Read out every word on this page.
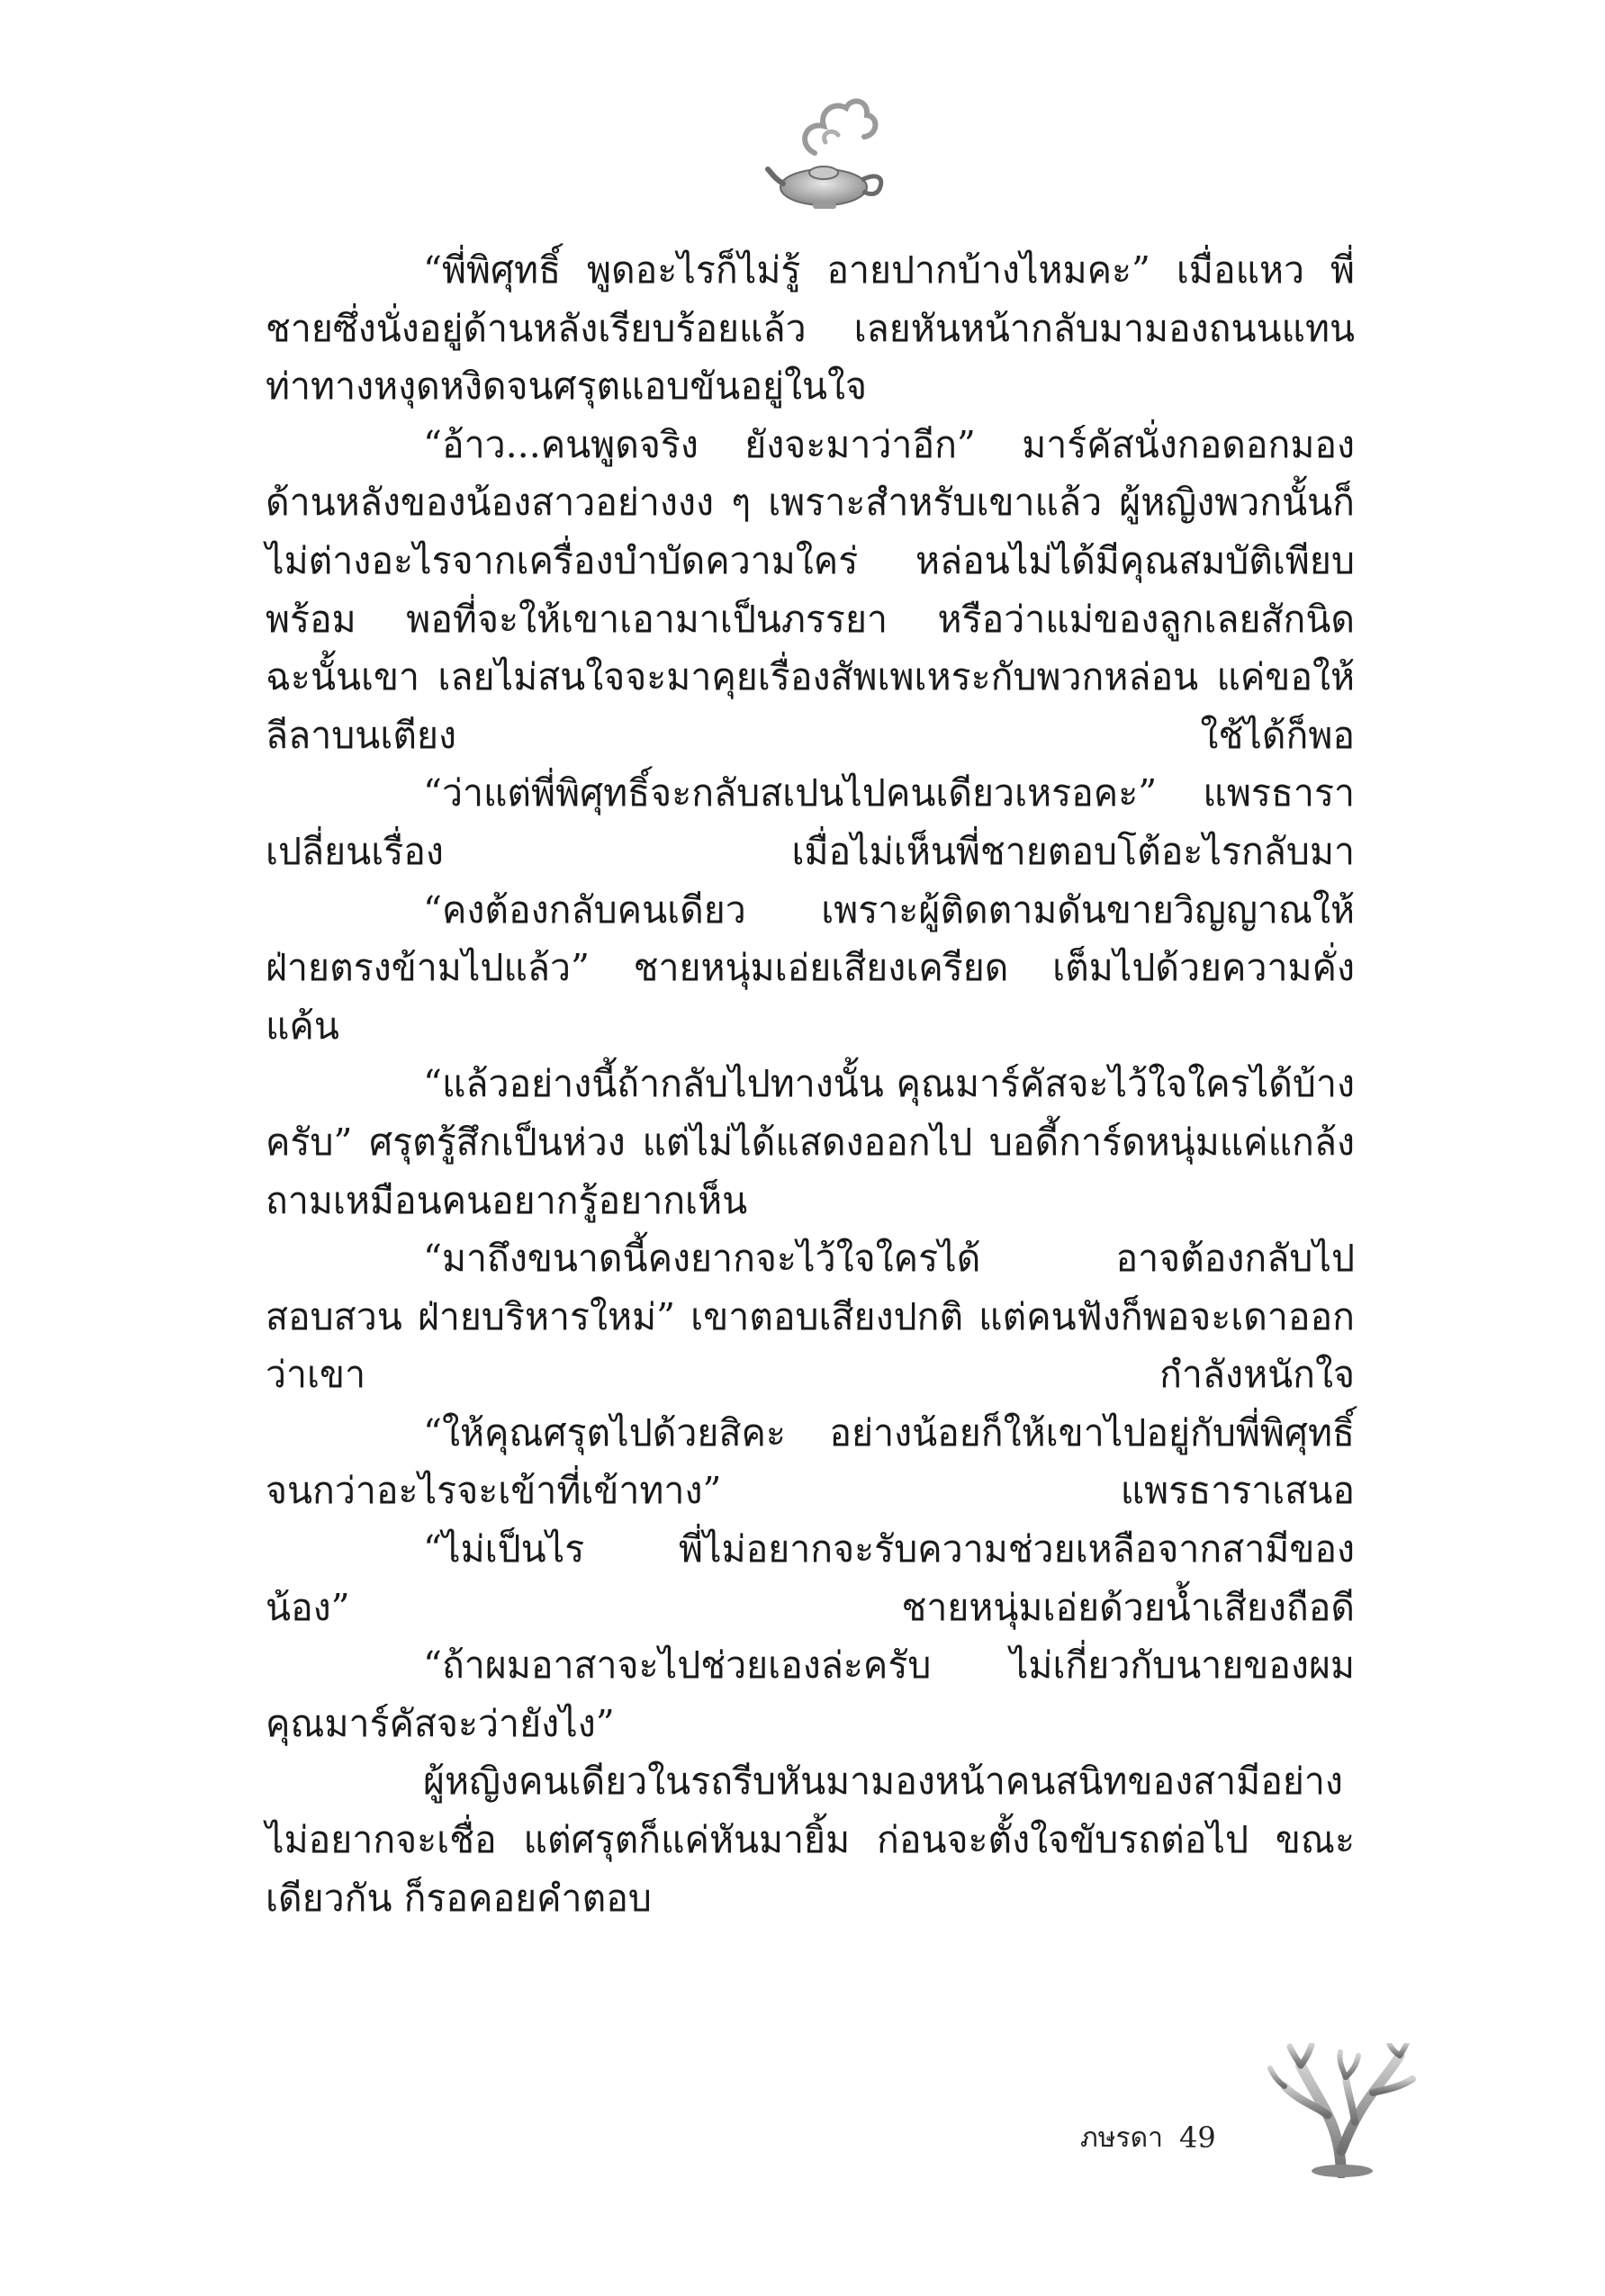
“พี่พิศุทธิ์ พูดอะไรก็ไม่รู้ อายปากบ้างไหมคะ” เมื่อแหว พี่ชายซึ่งนั่งอยู่ด้านหลังเรียบร้อยแล้ว เลยหันหน้ากลับมามองถนนแทน ท่าทางหงุดหงิดจนศรุตแอบขันอยู่ในใจ

“อ้าว...คนพูดจริง ยังจะมาว่าอีก” มาร์คัสนั่งกอดอกมอง ด้านหลังของน้องสาวอย่างงง ๆ เพราะสำหรับเขาแล้ว ผู้หญิงพวกนั้นก็ ไม่ต่างอะไรจากเครื่องบำบัดความใคร่ หล่อนไม่ได้มีคุณสมบัติเพียบพร้อม พอที่จะให้เขาเอามาเป็นภรรยา หรือว่าแม่ของลูกเลยสักนิด ฉะนั้นเขา เลยไม่สนใจจะมาคุยเรื่องสัพเพเหระกับพวกหล่อน แค่ขอให้ลีลาบนเตียง ใช้ได้ก็พอ

“ว่าแต่พี่พิศุทธิ์จะกลับสเปนไปคนเดียวเหรอคะ” แพรธารา เปลี่ยนเรื่อง เมื่อไม่เห็นพี่ชายตอบโต้อะไรกลับมา

“คงต้องกลับคนเดียว เพราะผู้ติดตามดันขายวิญญาณให้ ฝ่ายตรงข้ามไปแล้ว” ชายหนุ่มเอ่ยเสียงเครียด เต็มไปด้วยความคั่งแค้น

“แล้วอย่างนี้ถ้ากลับไปทางนั้น คุณมาร์คัสจะไว้ใจใครได้บ้าง ครับ” ศรุตรู้สึกเป็นห่วง แต่ไม่ได้แสดงออกไป บอดี้การ์ดหนุ่มแค่แกล้ง ถามเหมือนคนอยากรู้อยากเห็น

“มาถึงขนาดนี้คงยากจะไว้ใจใครได้ อาจต้องกลับไปสอบสวน ฝ่ายบริหารใหม่” เขาตอบเสียงปกติ แต่คนฟังก็พอจะเดาออกว่าเขา กำลังหนักใจ

“ให้คุณศรุตไปด้วยสิคะ อย่างน้อยก็ให้เขาไปอยู่กับพี่พิศุทธิ์ จนกว่าอะไรจะเข้าที่เข้าทาง” แพรธาราเสนอ

“ไม่เป็นไร พี่ไม่อยากจะรับความช่วยเหลือจากสามีของน้อง” ชายหนุ่มเอ่ยด้วยน้ำเสียงถือดี

“ถ้าผมอาสาจะไปช่วยเองล่ะครับ ไม่เกี่ยวกับนายของผม คุณมาร์คัสจะว่ายังไง”

ผู้หญิงคนเดียวในรถรีบหันมามองหน้าคนสนิทของสามีอย่าง ไม่อยากจะเชื่อ แต่ศรุตก็แค่หันมายิ้ม ก่อนจะตั้งใจขับรถต่อไป ขณะเดียวกัน ก็รอคอยคำตอบ

ภษรดา 49
